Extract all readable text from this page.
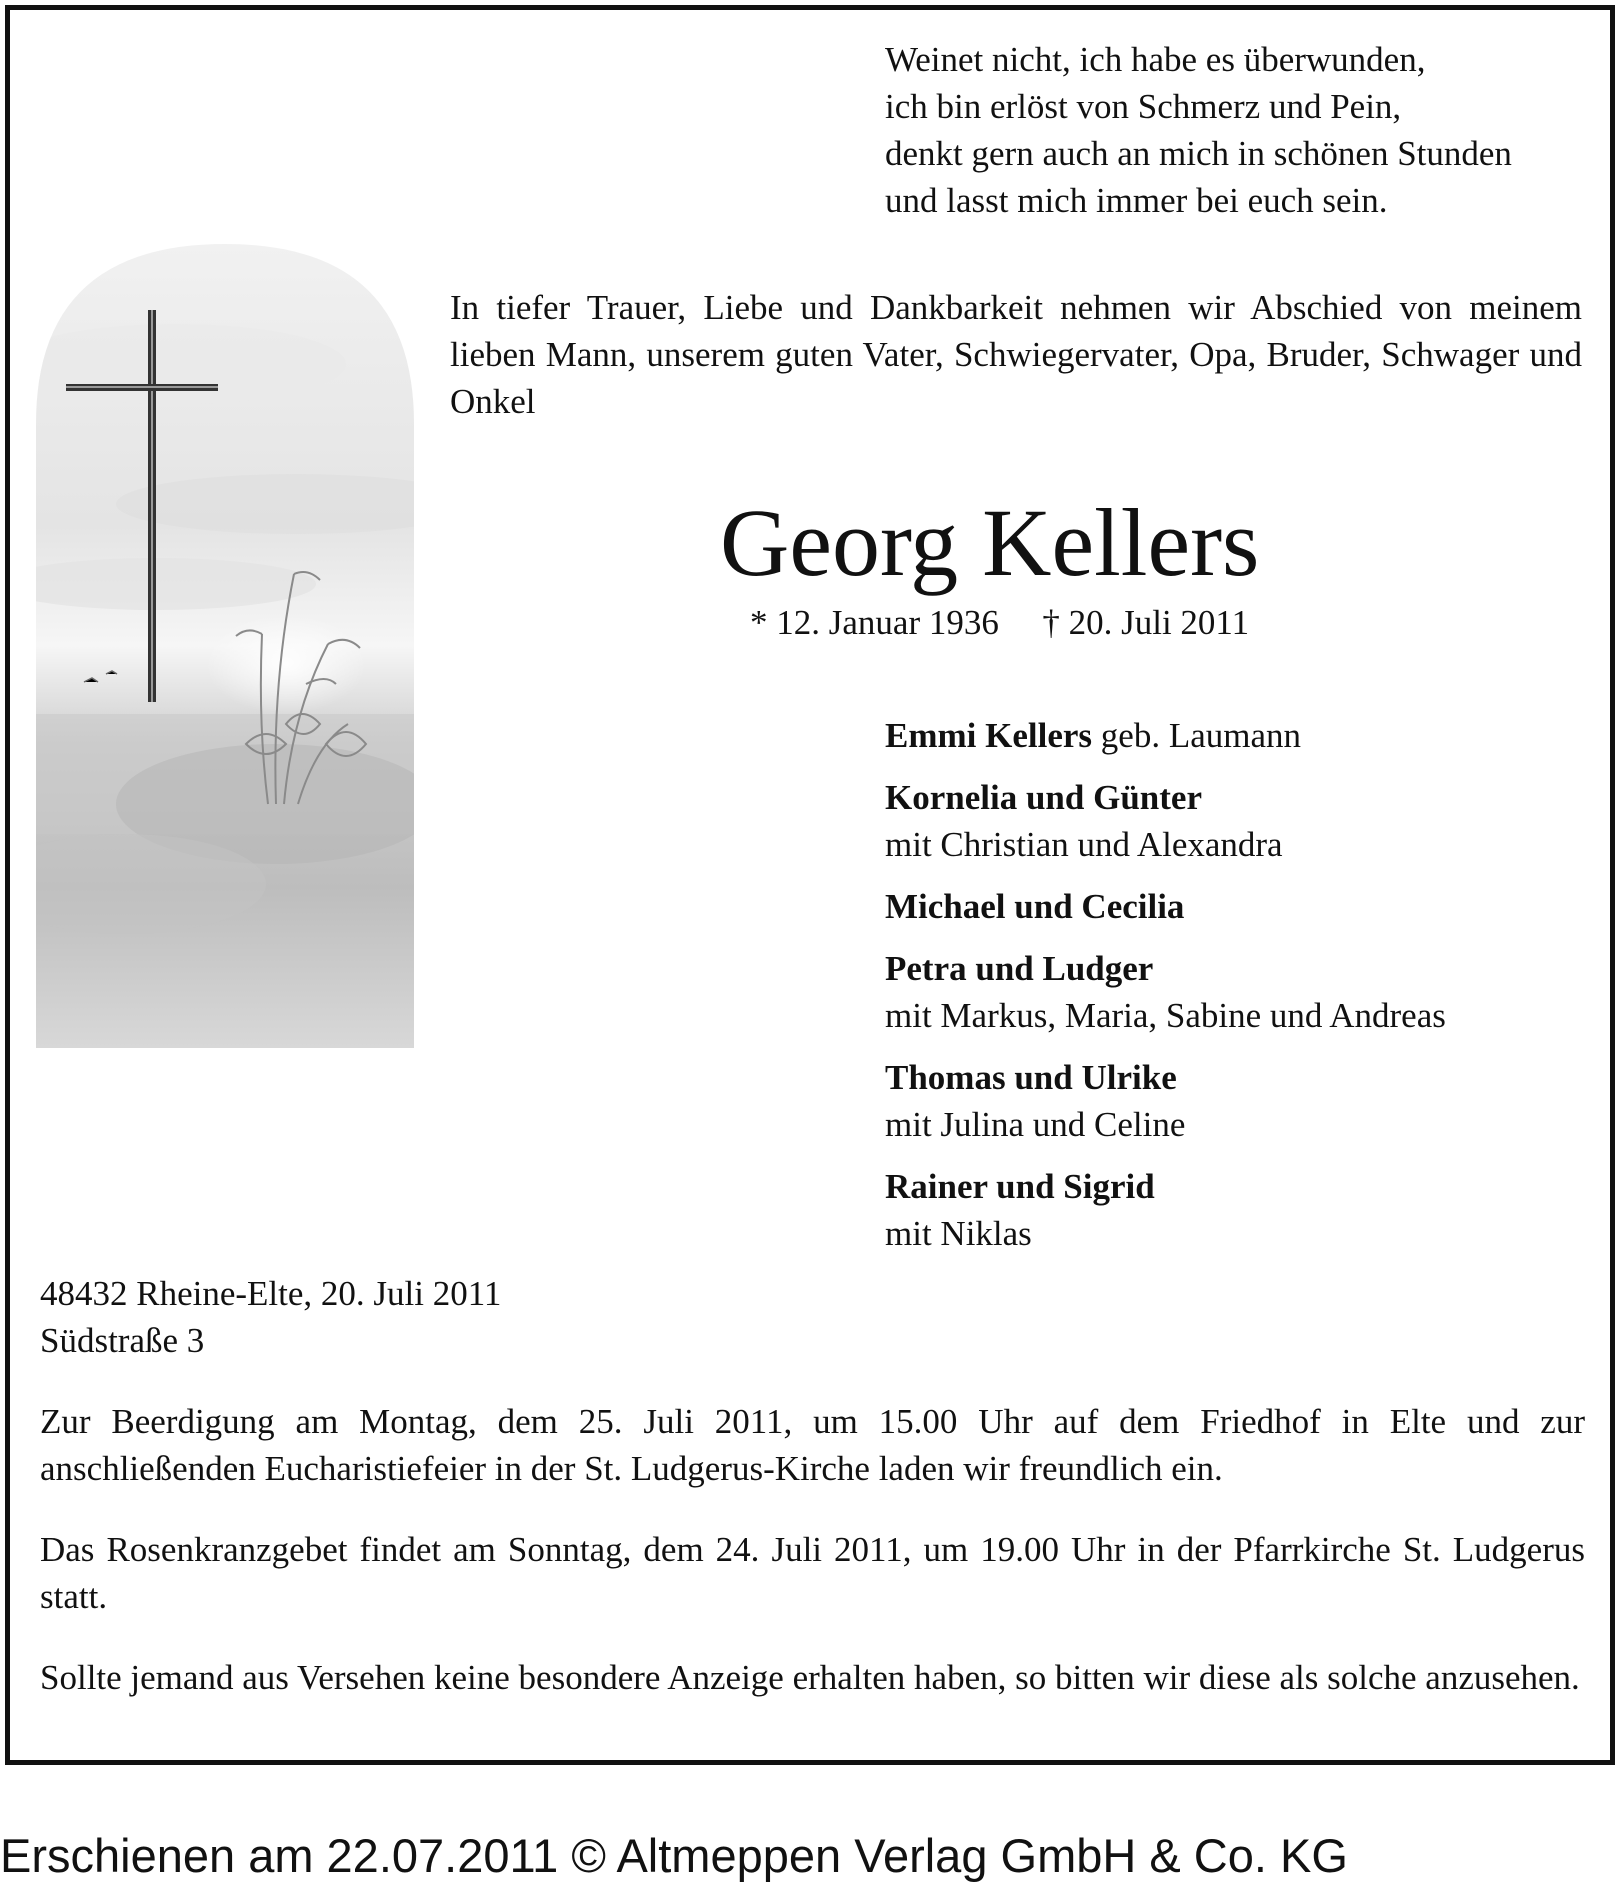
Weinet nicht, ich habe es überwunden,
ich bin erlöst von Schmerz und Pein,
denkt gern auch an mich in schönen Stunden
und lasst mich immer bei euch sein.
In tiefer Trauer, Liebe und Dankbarkeit nehmen wir Abschied von meinem lieben Mann, unserem guten Vater, Schwiegervater, Opa, Bruder, Schwager und Onkel
Georg Kellers
* 12. Januar 1936 † 20. Juli 2011
Emmi Kellers geb. Laumann
Kornelia und Günter
mit Christian und Alexandra
Michael und Cecilia
Petra und Ludger
mit Markus, Maria, Sabine und Andreas
Thomas und Ulrike
mit Julina und Celine
Rainer und Sigrid
mit Niklas
48432 Rheine-Elte, 20. Juli 2011
Südstraße 3
Zur Beerdigung am Montag, dem 25. Juli 2011, um 15.00 Uhr auf dem Friedhof in Elte und zur anschließenden Eucharistiefeier in der St. Ludgerus-Kirche laden wir freundlich ein.
Das Rosenkranzgebet findet am Sonntag, dem 24. Juli 2011, um 19.00 Uhr in der Pfarrkirche St. Ludgerus statt.
Sollte jemand aus Versehen keine besondere Anzeige erhalten haben, so bitten wir diese als solche anzusehen.
Erschienen am 22.07.2011 © Altmeppen Verlag GmbH & Co. KG
